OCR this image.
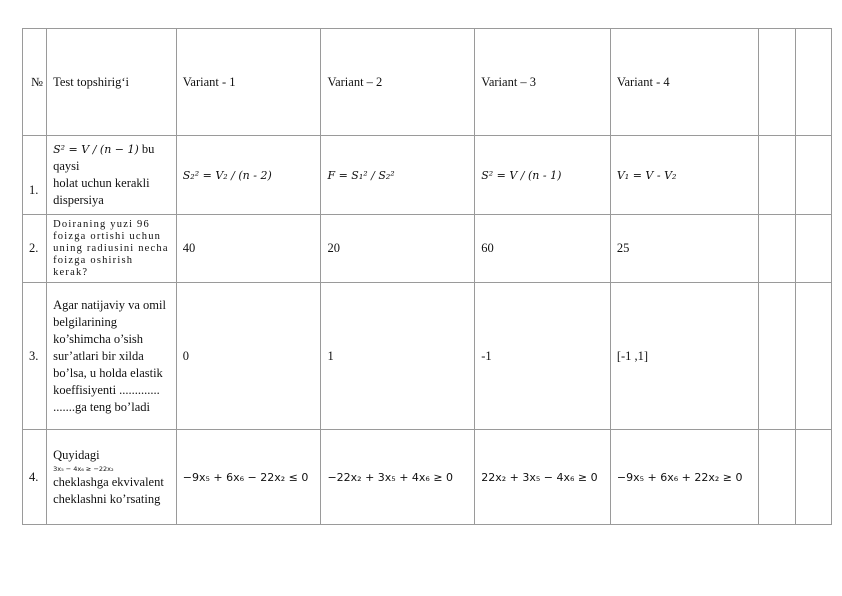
№	Test topshirig‘i	Variant - 1	Variant – 2	Variant – 3	Variant - 4		

1.	S² = V / (n − 1) bu qaysi
holat uchun kerakli dispersiya	S₂² = V₂ / (n - 2)	F = S₁² / S₂²	S² = V / (n - 1)	V₁ = V - V₂		

2.	Doiraning yuzi 96 foizga ortishi uchun uning radiusini necha foizga oshirish kerak?	40	20	60	25		

3.	Agar natijaviy va omil belgilarining ko’shimcha o’sish sur’atlari bir xilda bo’lsa, u holda elastik koeffisiyenti ............. .......ga teng bo’ladi	0	1	-1	[-1 ,1]		

4.	Quyidagi
3x₅ − 4x₆ ≥ −22x₂
cheklashga ekvivalent cheklashni ko’rsating	−9x₅ + 6x₆ − 22x₂ ≤ 0	−22x₂ + 3x₅ + 4x₆ ≥ 0	22x₂ + 3x₅ − 4x₆ ≥ 0	−9x₅ + 6x₆ + 22x₂ ≥ 0		
